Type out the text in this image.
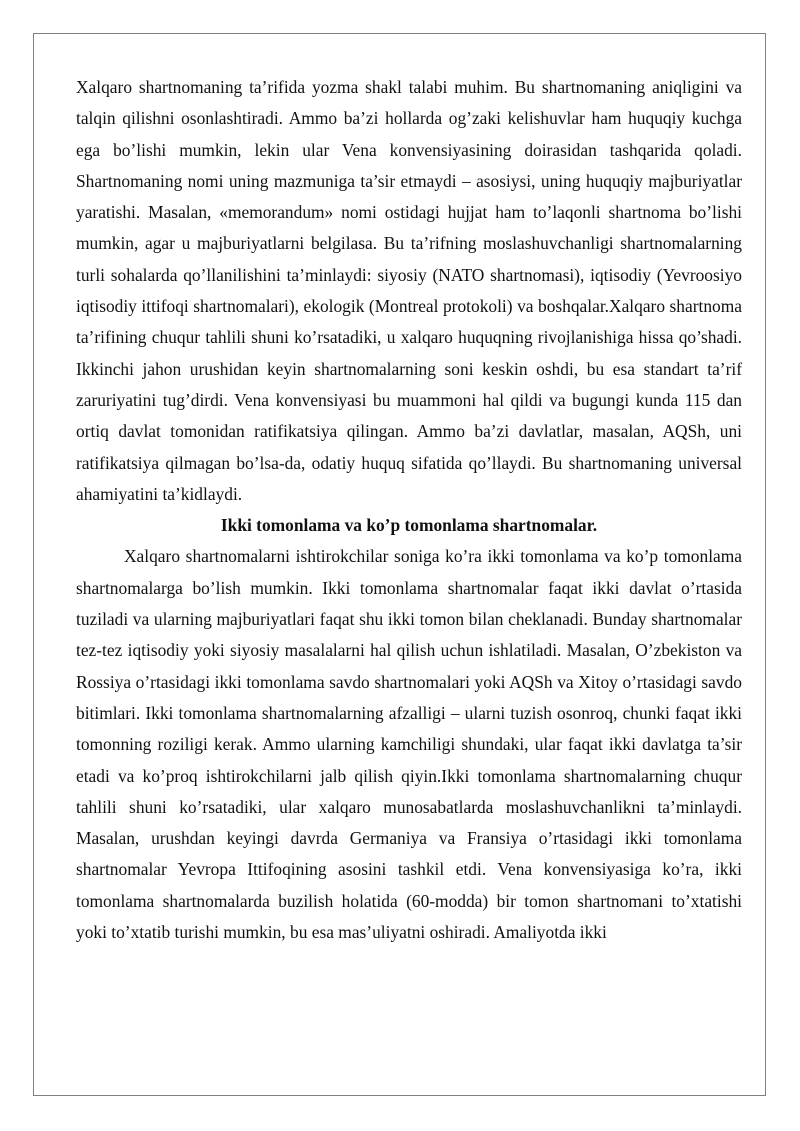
Xalqaro shartnomaning ta’rifida yozma shakl talabi muhim. Bu shartnomaning aniqligini va talqin qilishni osonlashtiradi. Ammo ba’zi hollarda og’zaki kelishuvlar ham huquqiy kuchga ega bo’lishi mumkin, lekin ular Vena konvensiyasining doirasidan tashqarida qoladi. Shartnomaning nomi uning mazmuniga ta’sir etmaydi – asosiysi, uning huquqiy majburiyatlar yaratishi. Masalan, «memorandum» nomi ostidagi hujjat ham to’laqonli shartnoma bo’lishi mumkin, agar u majburiyatlarni belgilasa. Bu ta’rifning moslashuvchanligi shartnomalarning turli sohalarda qo’llanilishini ta’minlaydi: siyosiy (NATO shartnomasi), iqtisodiy (Yevroosiyo iqtisodiy ittifoqi shartnomalari), ekologik (Montreal protokoli) va boshqalar.Xalqaro shartnoma ta’rifining chuqur tahlili shuni ko’rsatadiki, u xalqaro huquqning rivojlanishiga hissa qo’shadi. Ikkinchi jahon urushidan keyin shartnomalarning soni keskin oshdi, bu esa standart ta’rif zaruriyatini tug’dirdi. Vena konvensiyasi bu muammoni hal qildi va bugungi kunda 115 dan ortiq davlat tomonidan ratifikatsiya qilingan. Ammo ba’zi davlatlar, masalan, AQSh, uni ratifikatsiya qilmagan bo’lsa-da, odatiy huquq sifatida qo’llaydi. Bu shartnomaning universal ahamiyatini ta’kidlaydi.

Ikki tomonlama va ko’p tomonlama shartnomalar.

Xalqaro shartnomalarni ishtirokchilar soniga ko’ra ikki tomonlama va ko’p tomonlama shartnomalarga bo’lish mumkin. Ikki tomonlama shartnomalar faqat ikki davlat o’rtasida tuziladi va ularning majburiyatlari faqat shu ikki tomon bilan cheklanadi. Bunday shartnomalar tez-tez iqtisodiy yoki siyosiy masalalarni hal qilish uchun ishlatiladi. Masalan, O’zbekiston va Rossiya o’rtasidagi ikki tomonlama savdo shartnomalari yoki AQSh va Xitoy o’rtasidagi savdo bitimlari. Ikki tomonlama shartnomalarning afzalligi – ularni tuzish osonroq, chunki faqat ikki tomonning roziligi kerak. Ammo ularning kamchiligi shundaki, ular faqat ikki davlatga ta’sir etadi va ko’proq ishtirokchilarni jalb qilish qiyin.Ikki tomonlama shartnomalarning chuqur tahlili shuni ko’rsatadiki, ular xalqaro munosabatlarda moslashuvchanlikni ta’minlaydi. Masalan, urushdan keyingi davrda Germaniya va Fransiya o’rtasidagi ikki tomonlama shartnomalar Yevropa Ittifoqining asosini tashkil etdi. Vena konvensiyasiga ko’ra, ikki tomonlama shartnomalarda buzilish holatida (60-modda) bir tomon shartnomani to’xtatishi yoki to’xtatib turishi mumkin, bu esa mas’uliyatni oshiradi. Amaliyotda ikki
